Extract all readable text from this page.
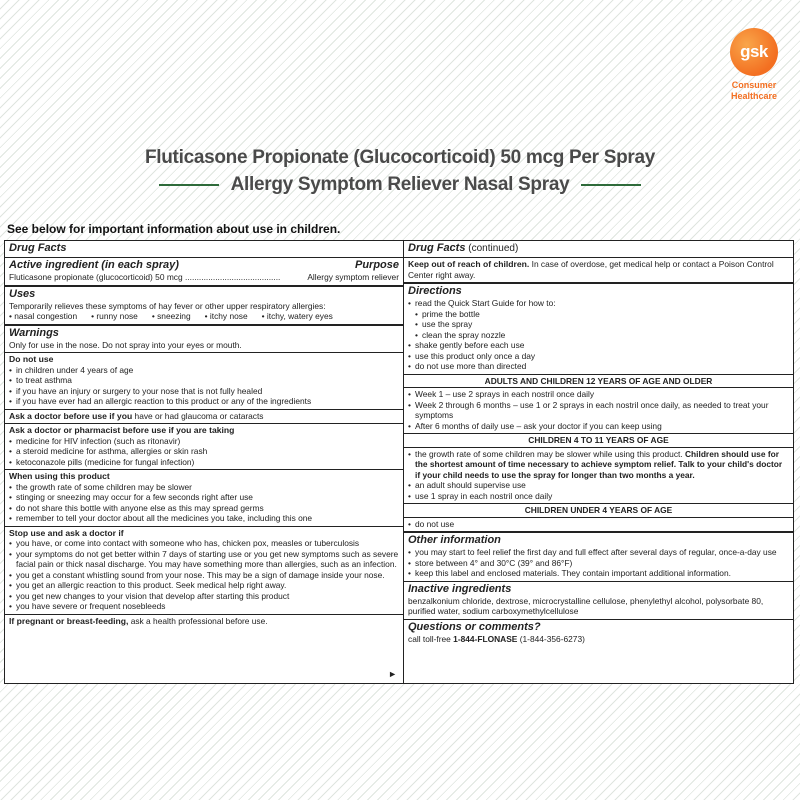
gsk
Consumer
Healthcare
Fluticasone Propionate (Glucocorticoid) 50 mcg Per Spray
Allergy Symptom Reliever Nasal Spray
See below for important information about use in children.
Drug Facts
Active ingredient (in each spray)	Purpose
Fluticasone propionate (glucocorticoid) 50 mcg .........................................	Allergy symptom reliever
Uses
Temporarily relieves these symptoms of hay fever or other upper respiratory allergies:
• nasal congestion	• runny nose	• sneezing	• itchy nose	• itchy, watery eyes
Warnings
Only for use in the nose. Do not spray into your eyes or mouth.
Do not use
• in children under 4 years of age
• to treat asthma
• if you have an injury or surgery to your nose that is not fully healed
• if you have ever had an allergic reaction to this product or any of the ingredients
Ask a doctor before use if you have or had glaucoma or cataracts
Ask a doctor or pharmacist before use if you are taking
• medicine for HIV infection (such as ritonavir)
• a steroid medicine for asthma, allergies or skin rash
• ketoconazole pills (medicine for fungal infection)
When using this product
• the growth rate of some children may be slower
• stinging or sneezing may occur for a few seconds right after use
• do not share this bottle with anyone else as this may spread germs
• remember to tell your doctor about all the medicines you take, including this one
Stop use and ask a doctor if
• you have, or come into contact with someone who has, chicken pox, measles or tuberculosis
• your symptoms do not get better within 7 days of starting use or you get new symptoms such as severe facial pain or thick nasal discharge. You may have something more than allergies, such as an infection.
• you get a constant whistling sound from your nose. This may be a sign of damage inside your nose.
• you get an allergic reaction to this product. Seek medical help right away.
• you get new changes to your vision that develop after starting this product
• you have severe or frequent nosebleeds
If pregnant or breast-feeding, ask a health professional before use.
►
Drug Facts (continued)
Keep out of reach of children. In case of overdose, get medical help or contact a Poison Control Center right away.
Directions
• read the Quick Start Guide for how to:
• prime the bottle
• use the spray
• clean the spray nozzle
• shake gently before each use
• use this product only once a day
• do not use more than directed
ADULTS AND CHILDREN 12 YEARS OF AGE AND OLDER
• Week 1 – use 2 sprays in each nostril once daily
• Week 2 through 6 months – use 1 or 2 sprays in each nostril once daily, as needed to treat your symptoms
• After 6 months of daily use – ask your doctor if you can keep using
CHILDREN 4 TO 11 YEARS OF AGE
• the growth rate of some children may be slower while using this product. Children should use for the shortest amount of time necessary to achieve symptom relief. Talk to your child's doctor if your child needs to use the spray for longer than two months a year.
• an adult should supervise use
• use 1 spray in each nostril once daily
CHILDREN UNDER 4 YEARS OF AGE
• do not use
Other information
• you may start to feel relief the first day and full effect after several days of regular, once-a-day use
• store between 4° and 30°C (39° and 86°F)
• keep this label and enclosed materials. They contain important additional information.
Inactive ingredients
benzalkonium chloride, dextrose, microcrystalline cellulose, phenylethyl alcohol, polysorbate 80, purified water, sodium carboxymethylcellulose
Questions or comments?
call toll-free 1-844-FLONASE (1-844-356-6273)
